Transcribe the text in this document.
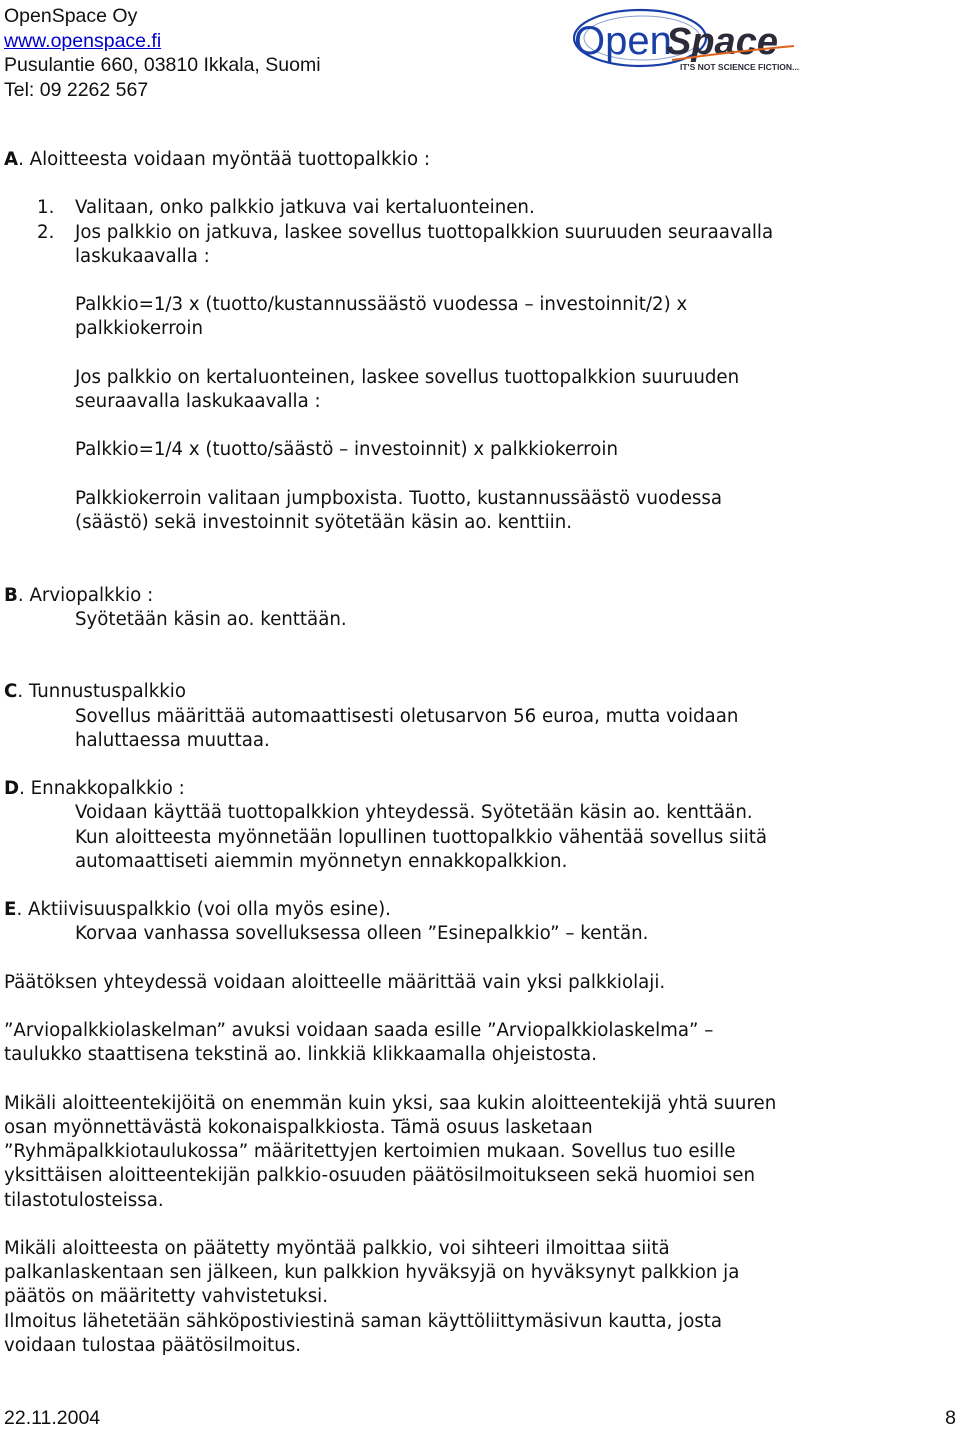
OpenSpace Oy
www.openspace.fi
Pusulantie 660, 03810 Ikkala, Suomi
Tel: 09 2262 567
Open
Space
IT'S NOT SCIENCE FICTION...

A. Aloitteesta voidaan myöntää tuottopalkkio :

1. Valitaan, onko palkkio jatkuva vai kertaluonteinen.

2. Jos palkkio on jatkuva, laskee sovellus tuottopalkkion suuruuden seuraavalla

laskukaavalla :

Palkkio=1/3 x (tuotto/kustannussäästö vuodessa – investoinnit/2) x

palkkiokerroin

Jos palkkio on kertaluonteinen, laskee sovellus tuottopalkkion suuruuden

seuraavalla laskukaavalla :

Palkkio=1/4 x (tuotto/säästö – investoinnit) x palkkiokerroin

Palkkiokerroin valitaan jumpboxista. Tuotto, kustannussäästö vuodessa

(säästö) sekä investoinnit syötetään käsin ao. kenttiin.

B. Arviopalkkio :

Syötetään käsin ao. kenttään.

C. Tunnustuspalkkio

Sovellus määrittää automaattisesti oletusarvon 56 euroa, mutta voidaan

haluttaessa muuttaa.

D. Ennakkopalkkio :

Voidaan käyttää tuottopalkkion yhteydessä. Syötetään käsin ao. kenttään.

Kun aloitteesta myönnetään lopullinen tuottopalkkio vähentää sovellus siitä

automaattiseti aiemmin myönnetyn ennakkopalkkion.

E. Aktiivisuuspalkkio (voi olla myös esine).

Korvaa vanhassa sovelluksessa olleen ”Esinepalkkio” – kentän.

Päätöksen yhteydessä voidaan aloitteelle määrittää vain yksi palkkiolaji.

”Arviopalkkiolaskelman” avuksi voidaan saada esille ”Arviopalkkiolaskelma” –

taulukko staattisena tekstinä ao. linkkiä klikkaamalla ohjeistosta.

Mikäli aloitteentekijöitä on enemmän kuin yksi, saa kukin aloitteentekijä yhtä suuren

osan myönnettävästä kokonaispalkkiosta. Tämä osuus lasketaan

”Ryhmäpalkkiotaulukossa” määritettyjen kertoimien mukaan. Sovellus tuo esille

yksittäisen aloitteentekijän palkkio-osuuden päätösilmoitukseen sekä huomioi sen

tilastotulosteissa.

Mikäli aloitteesta on päätetty myöntää palkkio, voi sihteeri ilmoittaa siitä

palkanlaskentaan sen jälkeen, kun palkkion hyväksyjä on hyväksynyt palkkion ja

päätös on määritetty vahvistetuksi.

Ilmoitus lähetetään sähköpostiviestinä saman käyttöliittymäsivun kautta, josta

voidaan tulostaa päätösilmoitus.

22.11.2004	8
